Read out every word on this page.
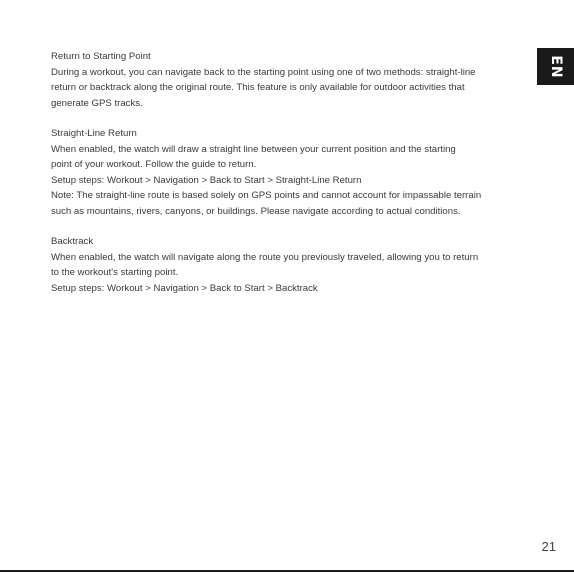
Return to Starting Point
During a workout, you can navigate back to the starting point using one of two methods: straight-line
return or backtrack along the original route. This feature is only available for outdoor activities that
generate GPS tracks.
Straight-Line Return
When enabled, the watch will draw a straight line between your current position and the starting
point of your workout. Follow the guide to return.
Setup steps: Workout > Navigation > Back to Start > Straight-Line Return
Note: The straight-line route is based solely on GPS points and cannot account for impassable terrain
such as mountains, rivers, canyons, or buildings. Please navigate according to actual conditions.
Backtrack
When enabled, the watch will navigate along the route you previously traveled, allowing you to return
to the workout's starting point.
Setup steps: Workout > Navigation > Back to Start > Backtrack
EN
21
